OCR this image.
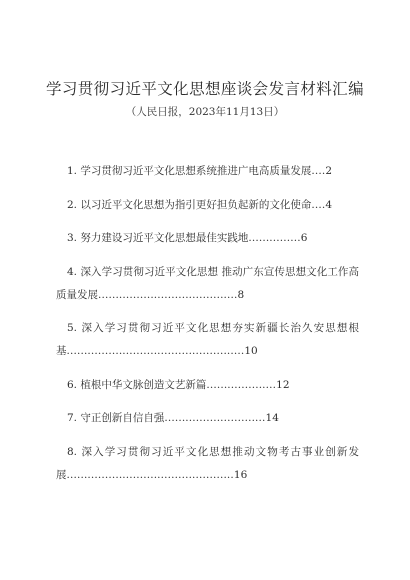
学习贯彻习近平文化思想座谈会发言材料汇编

（人民日报，2023年11月13日）

1. 学习贯彻习近平文化思想系统推进广电高质量发展....2
2. 以习近平文化思想为指引更好担负起新的文化使命....4
3. 努力建设习近平文化思想最佳实践地...............6
4. 深入学习贯彻习近平文化思想 推动广东宣传思想文化工作高质量发展........................................8
5. 深入学习贯彻习近平文化思想夯实新疆长治久安思想根基...................................................10
6. 植根中华文脉创造文艺新篇....................12
7. 守正创新自信自强.............................14
8. 深入学习贯彻习近平文化思想推动文物考古事业创新发展................................................16
